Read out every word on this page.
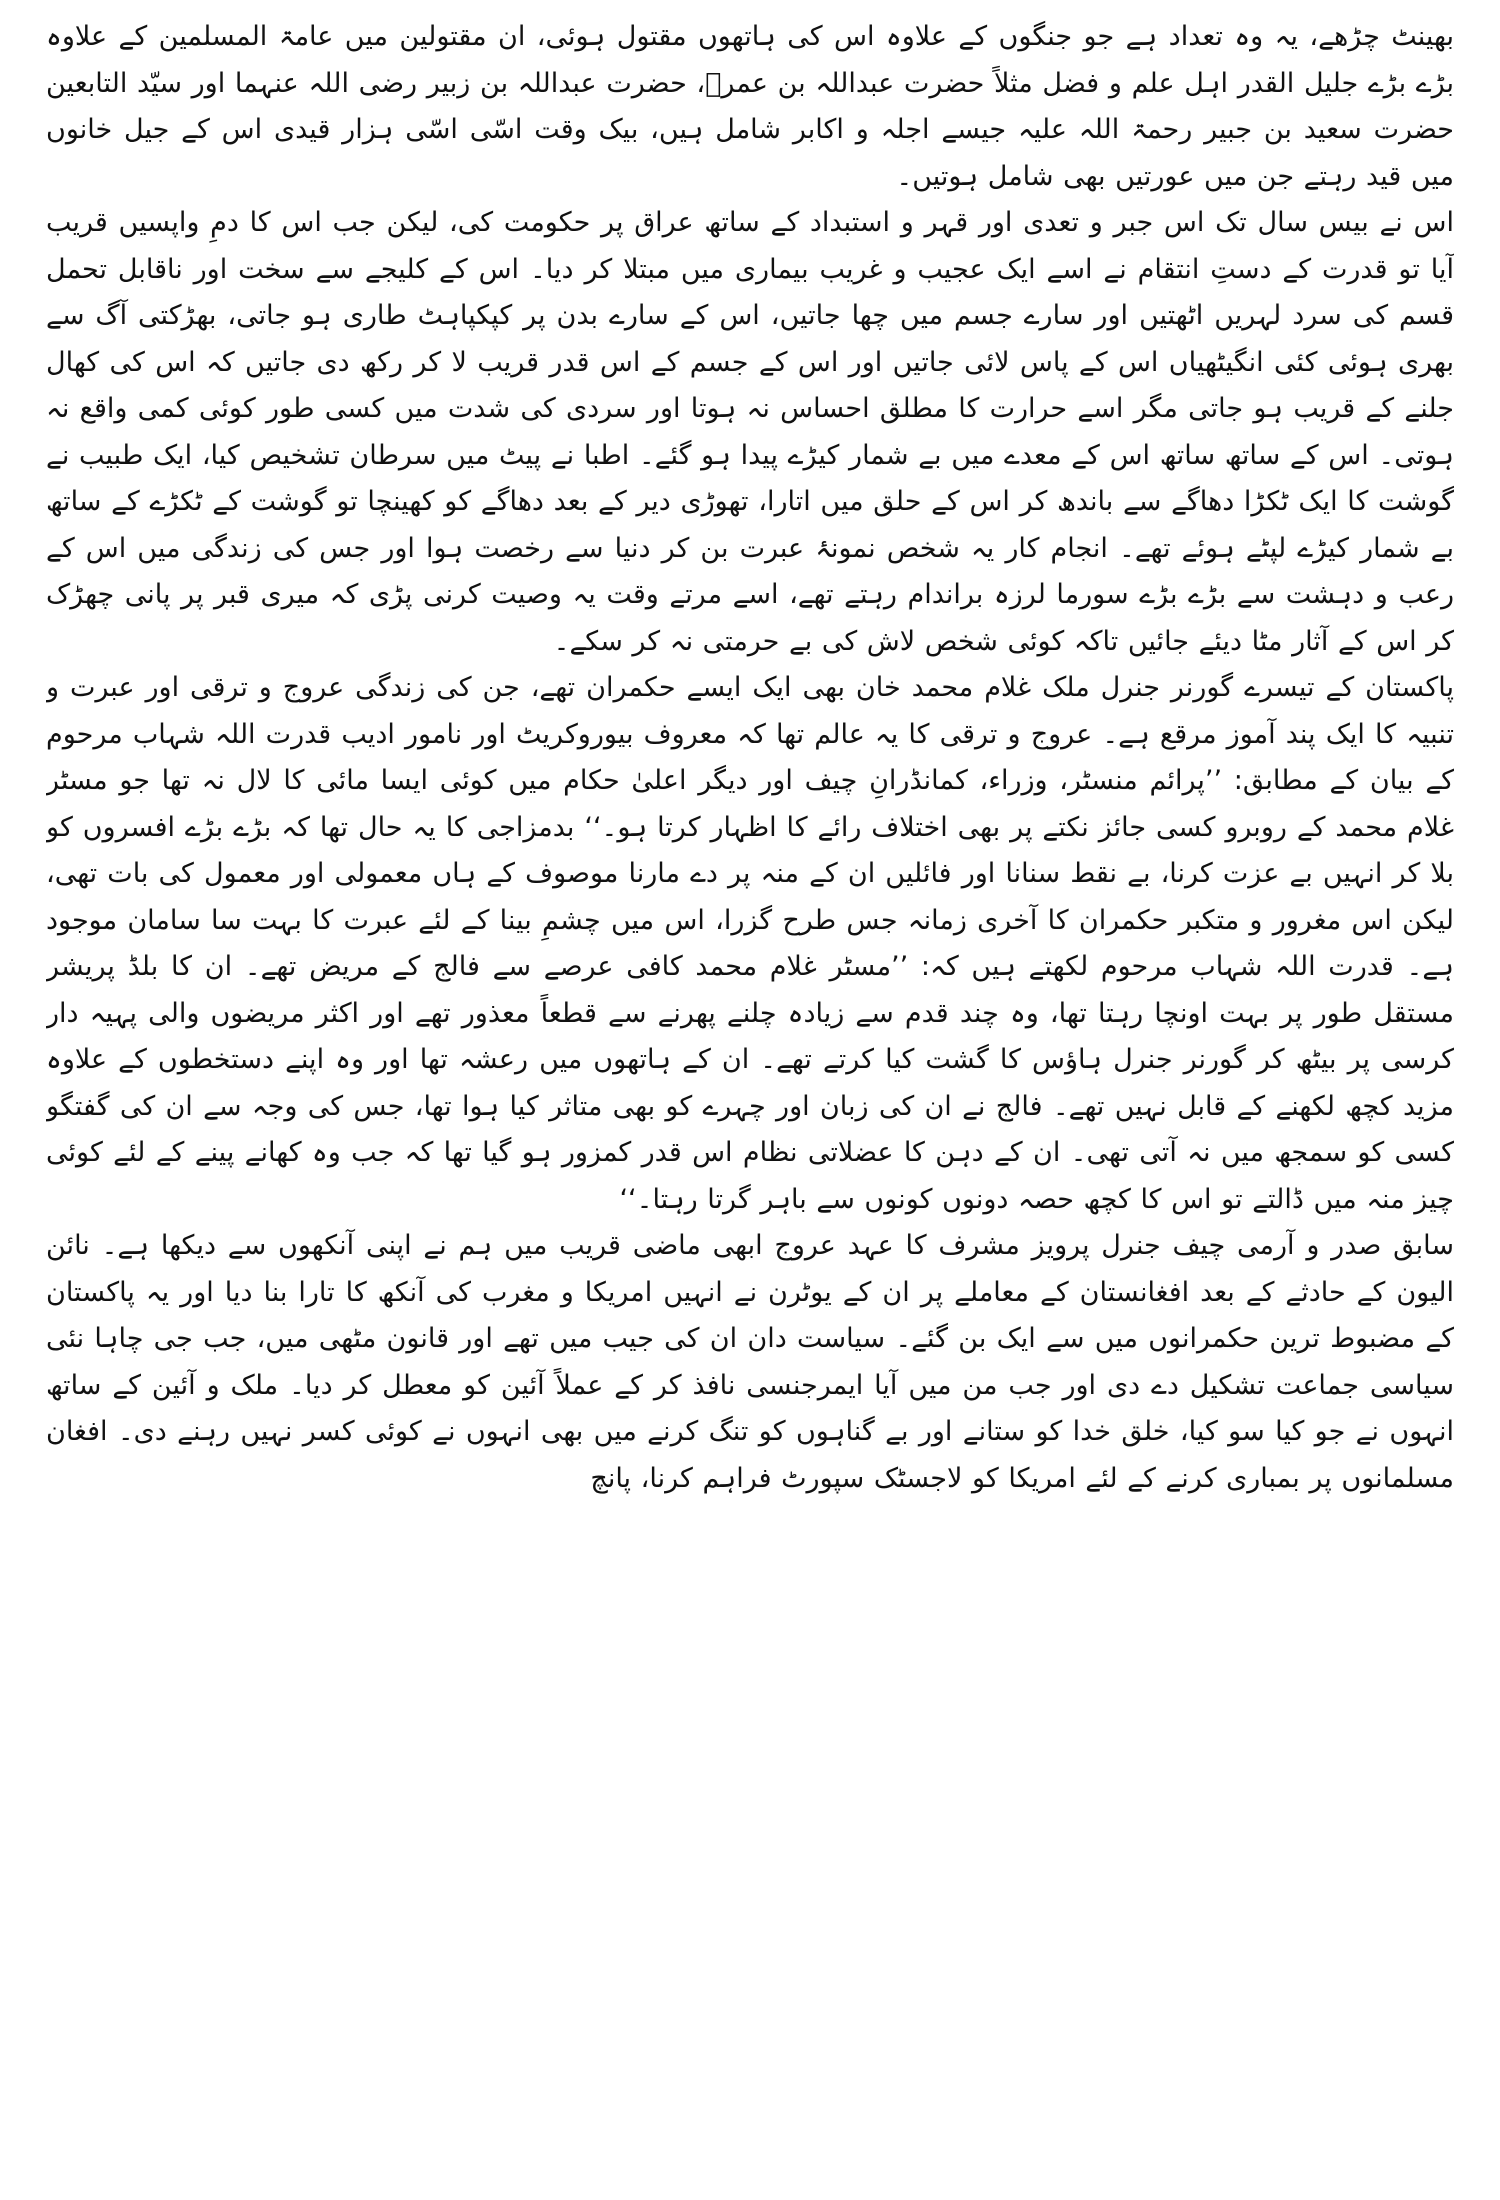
بھینٹ چڑھے، یہ وہ تعداد ہے جو جنگوں کے علاوہ اس کی ہاتھوں مقتول ہوئی، ان مقتولین میں عامۃ المسلمین کے علاوہ بڑے بڑے جلیل القدر اہل علم و فضل مثلاً حضرت عبداللہ بن عمرؓ، حضرت عبداللہ بن زبیر رضی اللہ عنہما اور سیّد التابعین حضرت سعید بن جبیر رحمۃ اللہ علیہ جیسے اجلہ و اکابر شامل ہیں، بیک وقت اسّی اسّی ہزار قیدی اس کے جیل خانوں میں قید رہتے جن میں عورتیں بھی شامل ہوتیں۔

اس نے بیس سال تک اس جبر و تعدی اور قہر و استبداد کے ساتھ عراق پر حکومت کی، لیکن جب اس کا دمِ واپسیں قریب آیا تو قدرت کے دستِ انتقام نے اسے ایک عجیب و غریب بیماری میں مبتلا کر دیا۔ اس کے کلیجے سے سخت اور ناقابل تحمل قسم کی سرد لہریں اٹھتیں اور سارے جسم میں چھا جاتیں، اس کے سارے بدن پر کپکپاہٹ طاری ہو جاتی، بھڑکتی آگ سے بھری ہوئی کئی انگیٹھیاں اس کے پاس لائی جاتیں اور اس کے جسم کے اس قدر قریب لا کر رکھ دی جاتیں کہ اس کی کھال جلنے کے قریب ہو جاتی مگر اسے حرارت کا مطلق احساس نہ ہوتا اور سردی کی شدت میں کسی طور کوئی کمی واقع نہ ہوتی۔ اس کے ساتھ ساتھ اس کے معدے میں بے شمار کیڑے پیدا ہو گئے۔ اطبا نے پیٹ میں سرطان تشخیص کیا، ایک طبیب نے گوشت کا ایک ٹکڑا دھاگے سے باندھ کر اس کے حلق میں اتارا، تھوڑی دیر کے بعد دھاگے کو کھینچا تو گوشت کے ٹکڑے کے ساتھ بے شمار کیڑے لپٹے ہوئے تھے۔ انجام کار یہ شخص نمونۂ عبرت بن کر دنیا سے رخصت ہوا اور جس کی زندگی میں اس کے رعب و دہشت سے بڑے بڑے سورما لرزہ براندام رہتے تھے، اسے مرتے وقت یہ وصیت کرنی پڑی کہ میری قبر پر پانی چھڑک کر اس کے آثار مٹا دیئے جائیں تاکہ کوئی شخص لاش کی بے حرمتی نہ کر سکے۔

پاکستان کے تیسرے گورنر جنرل ملک غلام محمد خان بھی ایک ایسے حکمران تھے، جن کی زندگی عروج و ترقی اور عبرت و تنبیہ کا ایک پند آموز مرقع ہے۔ عروج و ترقی کا یہ عالم تھا کہ معروف بیوروکریٹ اور نامور ادیب قدرت اللہ شہاب مرحوم کے بیان کے مطابق: ’’پرائم منسٹر، وزراء، کمانڈرانِ چیف اور دیگر اعلیٰ حکام میں کوئی ایسا مائی کا لال نہ تھا جو مسٹر غلام محمد کے روبرو کسی جائز نکتے پر بھی اختلاف رائے کا اظہار کرتا ہو۔‘‘ بدمزاجی کا یہ حال تھا کہ بڑے بڑے افسروں کو بلا کر انہیں بے عزت کرنا، بے نقط سنانا اور فائلیں ان کے منہ پر دے مارنا موصوف کے ہاں معمولی اور معمول کی بات تھی، لیکن اس مغرور و متکبر حکمران کا آخری زمانہ جس طرح گزرا، اس میں چشمِ بینا کے لئے عبرت کا بہت سا سامان موجود ہے۔ قدرت اللہ شہاب مرحوم لکھتے ہیں کہ: ’’مسٹر غلام محمد کافی عرصے سے فالج کے مریض تھے۔ ان کا بلڈ پریشر مستقل طور پر بہت اونچا رہتا تھا، وہ چند قدم سے زیادہ چلنے پھرنے سے قطعاً معذور تھے اور اکثر مریضوں والی پہیہ دار کرسی پر بیٹھ کر گورنر جنرل ہاؤس کا گشت کیا کرتے تھے۔ ان کے ہاتھوں میں رعشہ تھا اور وہ اپنے دستخطوں کے علاوہ مزید کچھ لکھنے کے قابل نہیں تھے۔ فالج نے ان کی زبان اور چہرے کو بھی متاثر کیا ہوا تھا، جس کی وجہ سے ان کی گفتگو کسی کو سمجھ میں نہ آتی تھی۔ ان کے دہن کا عضلاتی نظام اس قدر کمزور ہو گیا تھا کہ جب وہ کھانے پینے کے لئے کوئی چیز منہ میں ڈالتے تو اس کا کچھ حصہ دونوں کونوں سے باہر گرتا رہتا۔‘‘

سابق صدر و آرمی چیف جنرل پرویز مشرف کا عہد عروج ابھی ماضی قریب میں ہم نے اپنی آنکھوں سے دیکھا ہے۔ نائن الیون کے حادثے کے بعد افغانستان کے معاملے پر ان کے یوٹرن نے انہیں امریکا و مغرب کی آنکھ کا تارا بنا دیا اور یہ پاکستان کے مضبوط ترین حکمرانوں میں سے ایک بن گئے۔ سیاست دان ان کی جیب میں تھے اور قانون مٹھی میں، جب جی چاہا نئی سیاسی جماعت تشکیل دے دی اور جب من میں آیا ایمرجنسی نافذ کر کے عملاً آئین کو معطل کر دیا۔ ملک و آئین کے ساتھ انہوں نے جو کیا سو کیا، خلق خدا کو ستانے اور بے گناہوں کو تنگ کرنے میں بھی انہوں نے کوئی کسر نہیں رہنے دی۔ افغان مسلمانوں پر بمباری کرنے کے لئے امریکا کو لاجسٹک سپورٹ فراہم کرنا، پانچ
